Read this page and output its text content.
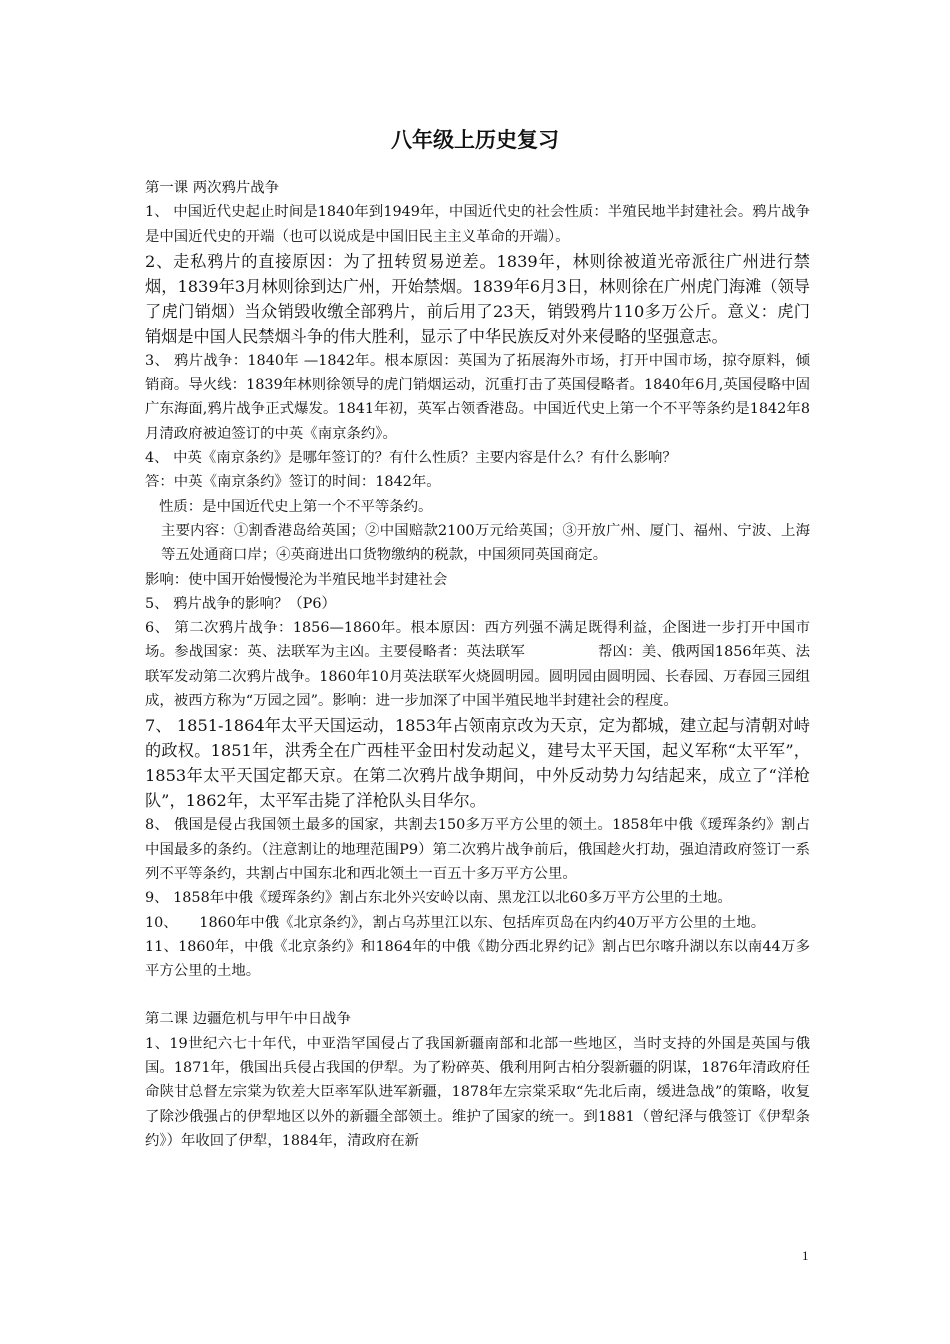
八年级上历史复习

第一课 两次鸦片战争

1、 中国近代史起止时间是1840年到1949年，中国近代史的社会性质：半殖民地半封建社会。鸦片战争是中国近代史的开端（也可以说成是中国旧民主主义革命的开端）。

2、走私鸦片的直接原因：为了扭转贸易逆差。1839年，林则徐被道光帝派往广州进行禁烟，1839年3月林则徐到达广州，开始禁烟。1839年6月3日，林则徐在广州虎门海滩（领导了虎门销烟）当众销毁收缴全部鸦片，前后用了23天，销毁鸦片110多万公斤。意义：虎门销烟是中国人民禁烟斗争的伟大胜利，显示了中华民族反对外来侵略的坚强意志。

3、 鸦片战争：1840年 —1842年。根本原因：英国为了拓展海外市场，打开中国市场，掠夺原料，倾销商。导火线：1839年林则徐领导的虎门销烟运动，沉重打击了英国侵略者。1840年6月,英国侵略中固广东海面,鸦片战争正式爆发。1841年初，英军占领香港岛。中国近代史上第一个不平等条约是1842年8月清政府被迫签订的中英《南京条约》。

4、 中英《南京条约》是哪年签订的？有什么性质？主要内容是什么？有什么影响？

答：中英《南京条约》签订的时间：1842年。

性质：是中国近代史上第一个不平等条约。

主要内容：①割香港岛给英国；②中国赔款2100万元给英国；③开放广州、厦门、福州、宁波、上海等五处通商口岸；④英商进出口货物缴纳的税款，中国须同英国商定。

影响：使中国开始慢慢沦为半殖民地半封建社会

5、 鸦片战争的影响？（P6）

6、 第二次鸦片战争：1856—1860年。根本原因：西方列强不满足既得利益，企图进一步打开中国市场。参战国家：英、法联军为主凶。主要侵略者：英法联军　　　　　帮凶：美、俄两国1856年英、法联军发动第二次鸦片战争。1860年10月英法联军火烧圆明园。圆明园由圆明园、长春园、万春园三园组成，被西方称为“万园之园”。影响：进一步加深了中国半殖民地半封建社会的程度。

7、 1851-1864年太平天国运动，1853年占领南京改为天京，定为都城，建立起与清朝对峙的政权。1851年，洪秀全在广西桂平金田村发动起义，建号太平天国，起义军称“太平军”，1853年太平天国定都天京。在第二次鸦片战争期间，中外反动势力勾结起来，成立了“洋枪队”，1862年，太平军击毙了洋枪队头目华尔。

8、 俄国是侵占我国领土最多的国家，共割去150多万平方公里的领土。1858年中俄《瑷珲条约》割占中国最多的条约。（注意割让的地理范围P9）第二次鸦片战争前后，俄国趁火打劫，强迫清政府签订一系列不平等条约，共割占中国东北和西北领土一百五十多万平方公里。

9、 1858年中俄《瑷珲条约》割占东北外兴安岭以南、黑龙江以北60多万平方公里的土地。

10、　　1860年中俄《北京条约》，割占乌苏里江以东、包括库页岛在内约40万平方公里的土地。

11、1860年，中俄《北京条约》和1864年的中俄《勘分西北界约记》割占巴尔喀升湖以东以南44万多平方公里的土地。

第二课 边疆危机与甲午中日战争

1、19世纪六七十年代，中亚浩罕国侵占了我国新疆南部和北部一些地区，当时支持的外国是英国与俄国。1871年，俄国出兵侵占我国的伊犁。为了粉碎英、俄利用阿古柏分裂新疆的阴谋，1876年清政府任命陕甘总督左宗棠为钦差大臣率军队进军新疆，1878年左宗棠采取“先北后南，缓进急战”的策略，收复了除沙俄强占的伊犁地区以外的新疆全部领土。维护了国家的统一。到1881（曾纪泽与俄签订《伊犁条约》）年收回了伊犁，1884年，清政府在新

1
